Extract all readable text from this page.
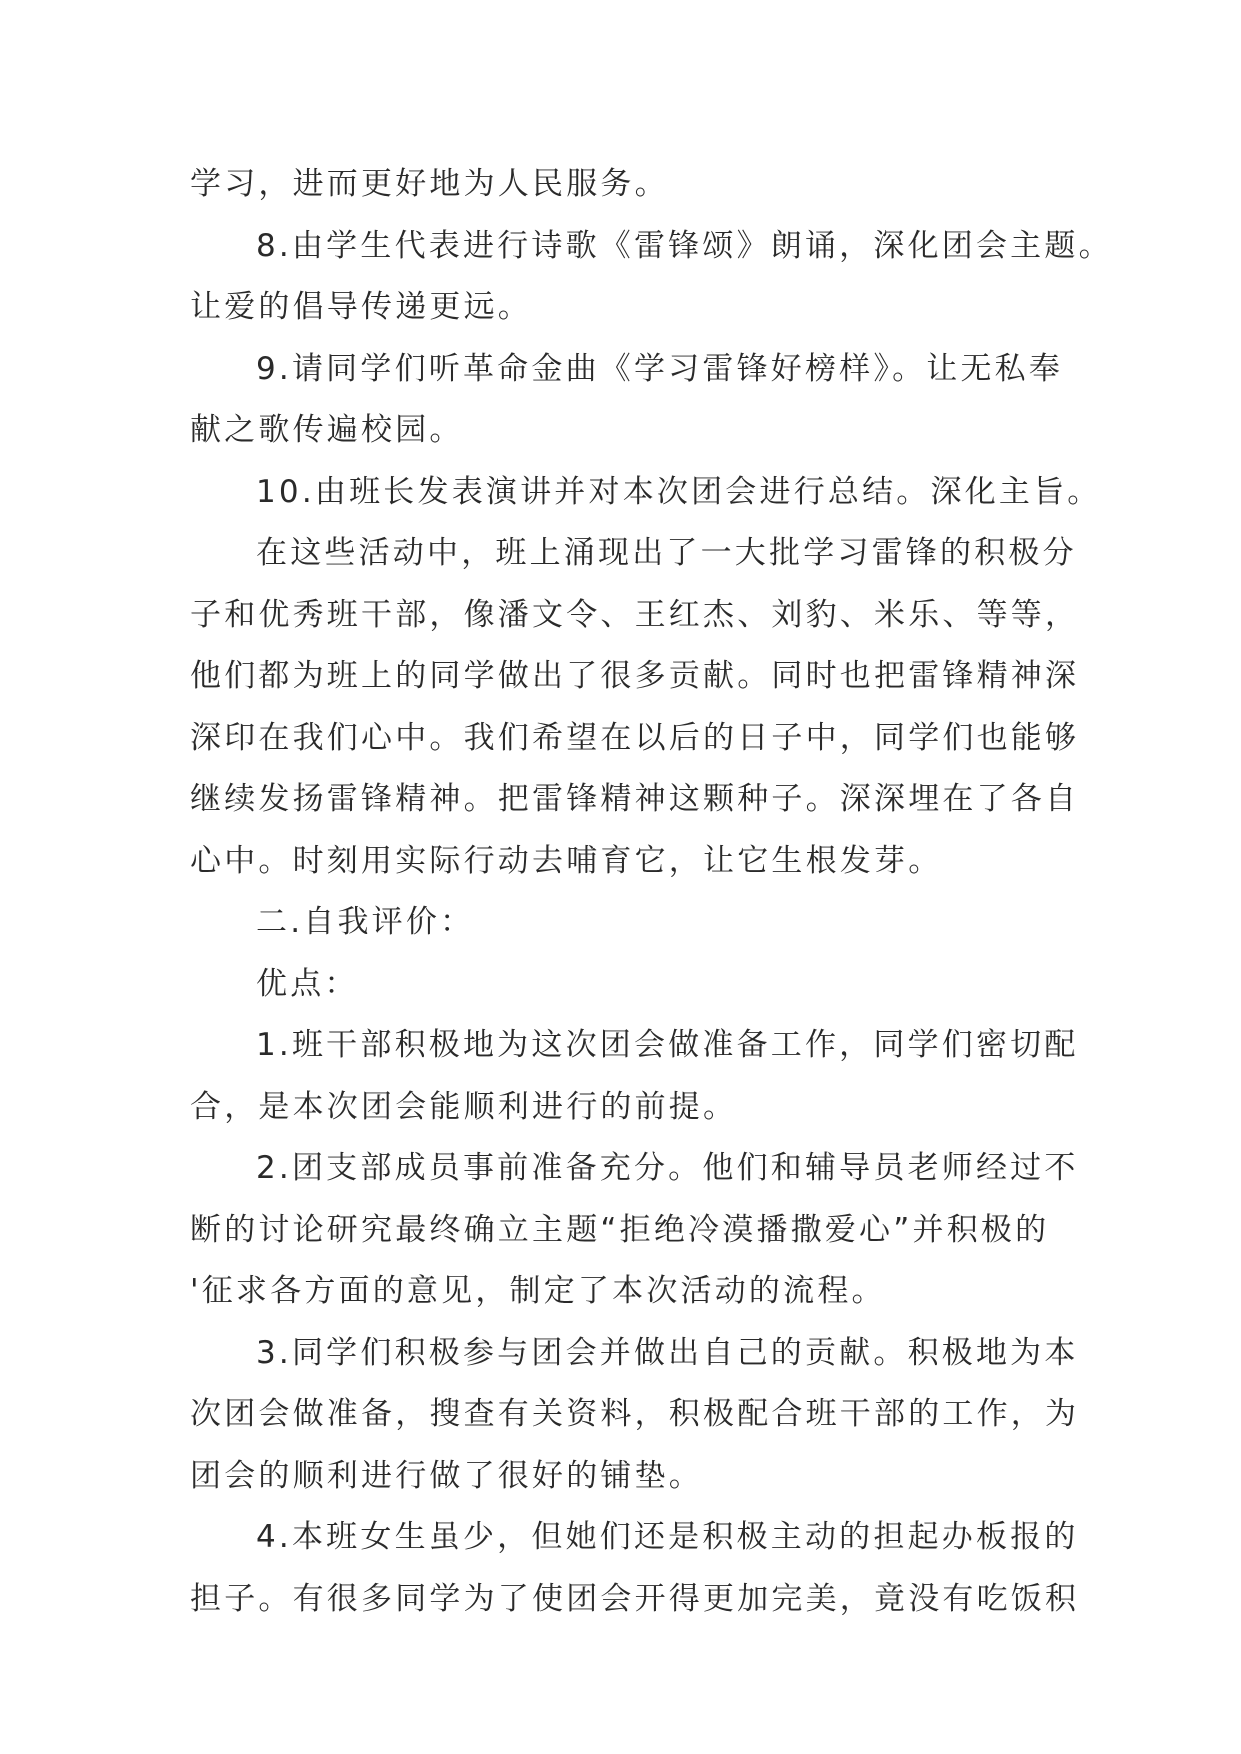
学习，进而更好地为人民服务。
8.由学生代表进行诗歌《雷锋颂》朗诵，深化团会主题。
让爱的倡导传递更远。
9.请同学们听革命金曲《学习雷锋好榜样》。让无私奉
献之歌传遍校园。
10.由班长发表演讲并对本次团会进行总结。深化主旨。
在这些活动中，班上涌现出了一大批学习雷锋的积极分
子和优秀班干部，像潘文令、王红杰、刘豹、米乐、等等，
他们都为班上的同学做出了很多贡献。同时也把雷锋精神深
深印在我们心中。我们希望在以后的日子中，同学们也能够
继续发扬雷锋精神。把雷锋精神这颗种子。深深埋在了各自
心中。时刻用实际行动去哺育它，让它生根发芽。
二.自我评价：
优点：
1.班干部积极地为这次团会做准备工作，同学们密切配
合，是本次团会能顺利进行的前提。
2.团支部成员事前准备充分。他们和辅导员老师经过不
断的讨论研究最终确立主题“拒绝冷漠播撒爱心”并积极的
'征求各方面的意见，制定了本次活动的流程。
3.同学们积极参与团会并做出自己的贡献。积极地为本
次团会做准备，搜查有关资料，积极配合班干部的工作，为
团会的顺利进行做了很好的铺垫。
4.本班女生虽少，但她们还是积极主动的担起办板报的
担子。有很多同学为了使团会开得更加完美，竟没有吃饭积
